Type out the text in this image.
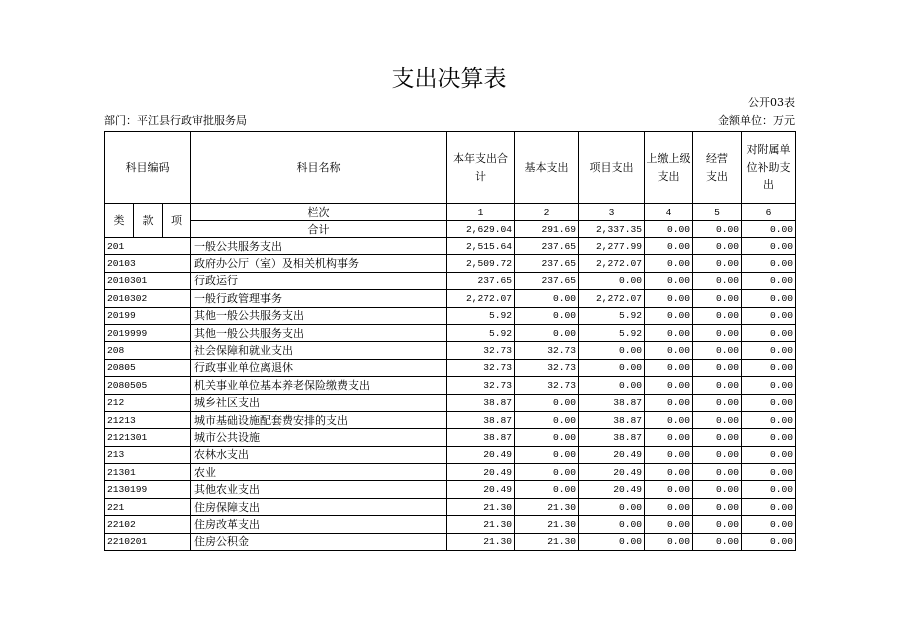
支出决算表
公开03表
部门：平江县行政审批服务局	金额单位：万元
科目编码			科目名称	本年支出合计	基本支出	项目支出	上缴上级支出	经营支出	对附属单位补助支出
类	款	项	栏次	1	2	3	4	5	6
			合计	2,629.04	291.69	2,337.35	0.00	0.00	0.00
201			一般公共服务支出	2,515.64	237.65	2,277.99	0.00	0.00	0.00
20103			政府办公厅（室）及相关机构事务	2,509.72	237.65	2,272.07	0.00	0.00	0.00
2010301			行政运行	237.65	237.65	0.00	0.00	0.00	0.00
2010302			一般行政管理事务	2,272.07	0.00	2,272.07	0.00	0.00	0.00
20199			其他一般公共服务支出	5.92	0.00	5.92	0.00	0.00	0.00
2019999			其他一般公共服务支出	5.92	0.00	5.92	0.00	0.00	0.00
208			社会保障和就业支出	32.73	32.73	0.00	0.00	0.00	0.00
20805			行政事业单位离退休	32.73	32.73	0.00	0.00	0.00	0.00
2080505			机关事业单位基本养老保险缴费支出	32.73	32.73	0.00	0.00	0.00	0.00
212			城乡社区支出	38.87	0.00	38.87	0.00	0.00	0.00
21213			城市基础设施配套费安排的支出	38.87	0.00	38.87	0.00	0.00	0.00
2121301			城市公共设施	38.87	0.00	38.87	0.00	0.00	0.00
213			农林水支出	20.49	0.00	20.49	0.00	0.00	0.00
21301			农业	20.49	0.00	20.49	0.00	0.00	0.00
2130199			其他农业支出	20.49	0.00	20.49	0.00	0.00	0.00
221			住房保障支出	21.30	21.30	0.00	0.00	0.00	0.00
22102			住房改革支出	21.30	21.30	0.00	0.00	0.00	0.00
2210201			住房公积金	21.30	21.30	0.00	0.00	0.00	0.00
